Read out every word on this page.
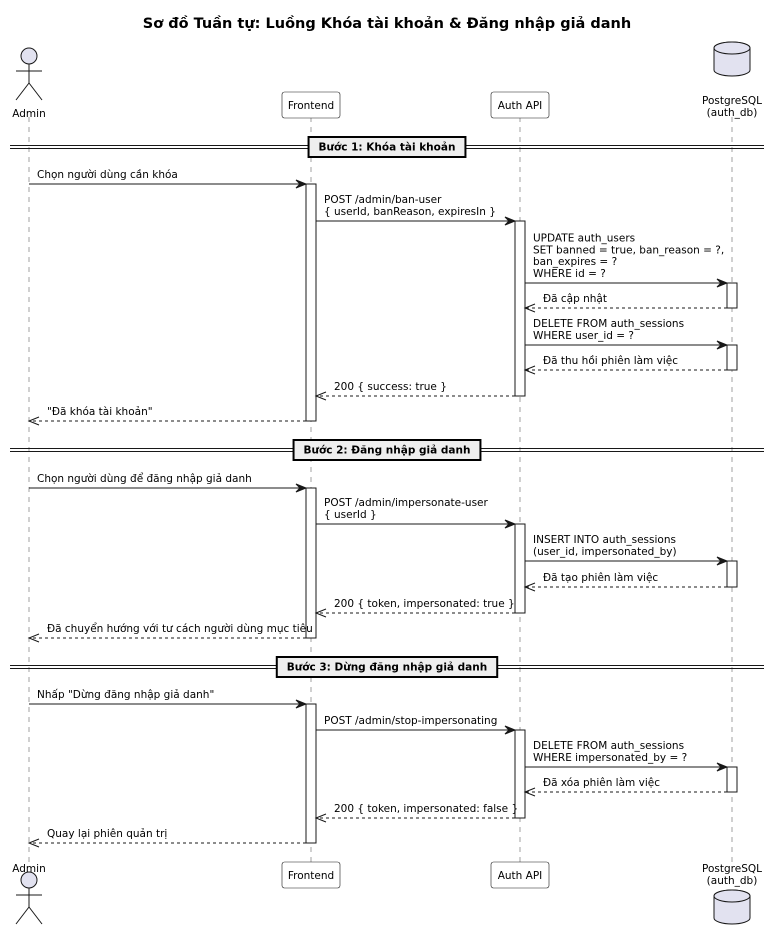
Sơ đồ Tuần tự: Luồng Khóa tài khoản & Đăng nhập giả danh
Bước 1: Khóa tài khoản
Bước 2: Đăng nhập giả danh
Bước 3: Dừng đăng nhập giả danh
Chọn người dùng cần khóa
POST /admin/ban-user
{ userId, banReason, expiresIn }
UPDATE auth_users
SET banned = true, ban_reason = ?,
ban_expires = ?
WHERE id = ?
Đã cập nhật
DELETE FROM auth_sessions
WHERE user_id = ?
Đã thu hồi phiên làm việc
200 { success: true }
"Đã khóa tài khoản"
Chọn người dùng để đăng nhập giả danh
POST /admin/impersonate-user
{ userId }
INSERT INTO auth_sessions
(user_id, impersonated_by)
Đã tạo phiên làm việc
200 { token, impersonated: true }
Đã chuyển hướng với tư cách người dùng mục tiêu
Nhấp "Dừng đăng nhập giả danh"
POST /admin/stop-impersonating
DELETE FROM auth_sessions
WHERE impersonated_by = ?
Đã xóa phiên làm việc
200 { token, impersonated: false }
Quay lại phiên quản trị
Admin
Admin
Frontend
Frontend
Auth API
Auth API
PostgreSQL
(auth_db)
PostgreSQL
(auth_db)
